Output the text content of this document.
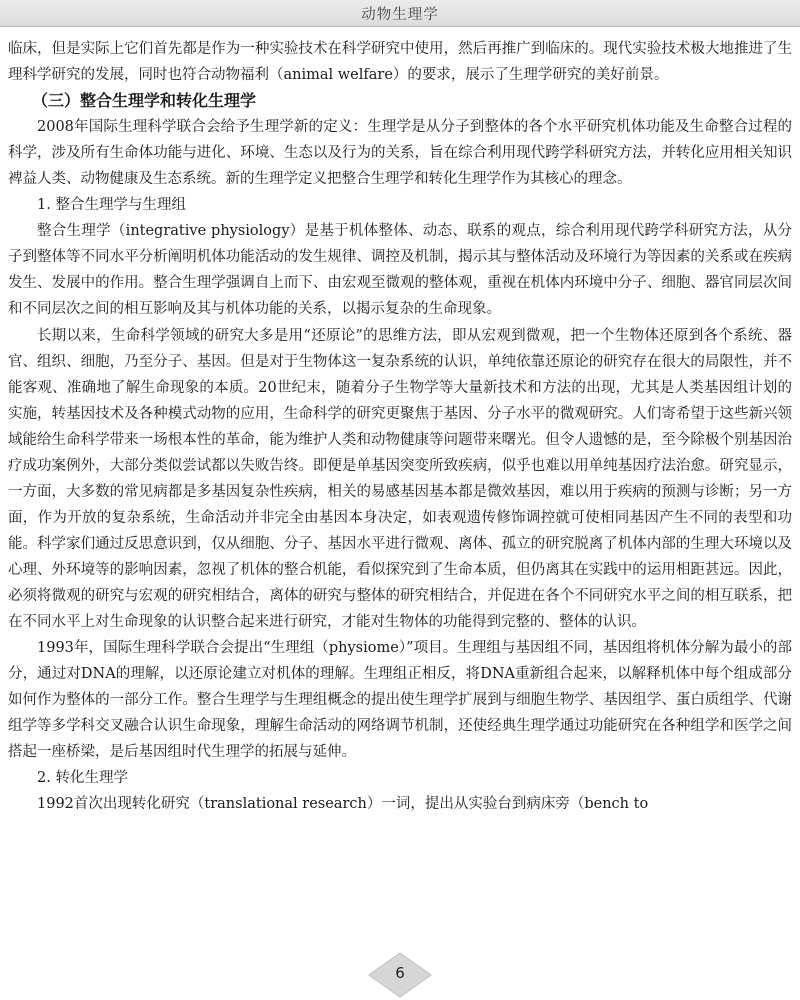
动物生理学

临床，但是实际上它们首先都是作为一种实验技术在科学研究中使用，然后再推广到临床的。现代实验技术极大地推进了生理科学研究的发展，同时也符合动物福利（animal welfare）的要求，展示了生理学研究的美好前景。

（三）整合生理学和转化生理学

2008年国际生理科学联合会给予生理学新的定义：生理学是从分子到整体的各个水平研究机体功能及生命整合过程的科学，涉及所有生命体功能与进化、环境、生态以及行为的关系，旨在综合利用现代跨学科研究方法，并转化应用相关知识裨益人类、动物健康及生态系统。新的生理学定义把整合生理学和转化生理学作为其核心的理念。

1. 整合生理学与生理组

整合生理学（integrative physiology）是基于机体整体、动态、联系的观点，综合利用现代跨学科研究方法，从分子到整体等不同水平分析阐明机体功能活动的发生规律、调控及机制，揭示其与整体活动及环境行为等因素的关系或在疾病发生、发展中的作用。整合生理学强调自上而下、由宏观至微观的整体观，重视在机体内环境中分子、细胞、器官同层次间和不同层次之间的相互影响及其与机体功能的关系，以揭示复杂的生命现象。

长期以来，生命科学领域的研究大多是用“还原论”的思维方法，即从宏观到微观，把一个生物体还原到各个系统、器官、组织、细胞，乃至分子、基因。但是对于生物体这一复杂系统的认识，单纯依靠还原论的研究存在很大的局限性，并不能客观、准确地了解生命现象的本质。20世纪末，随着分子生物学等大量新技术和方法的出现，尤其是人类基因组计划的实施，转基因技术及各种模式动物的应用，生命科学的研究更聚焦于基因、分子水平的微观研究。人们寄希望于这些新兴领域能给生命科学带来一场根本性的革命，能为维护人类和动物健康等问题带来曙光。但令人遗憾的是，至今除极个别基因治疗成功案例外，大部分类似尝试都以失败告终。即便是单基因突变所致疾病，似乎也难以用单纯基因疗法治愈。研究显示，一方面，大多数的常见病都是多基因复杂性疾病，相关的易感基因基本都是微效基因，难以用于疾病的预测与诊断；另一方面，作为开放的复杂系统，生命活动并非完全由基因本身决定，如表观遗传修饰调控就可使相同基因产生不同的表型和功能。科学家们通过反思意识到，仅从细胞、分子、基因水平进行微观、离体、孤立的研究脱离了机体内部的生理大环境以及心理、外环境等的影响因素，忽视了机体的整合机能，看似探究到了生命本质，但仍离其在实践中的运用相距甚远。因此，必须将微观的研究与宏观的研究相结合，离体的研究与整体的研究相结合，并促进在各个不同研究水平之间的相互联系，把在不同水平上对生命现象的认识整合起来进行研究，才能对生物体的功能得到完整的、整体的认识。

1993年，国际生理科学联合会提出“生理组（physiome）”项目。生理组与基因组不同，基因组将机体分解为最小的部分，通过对DNA的理解，以还原论建立对机体的理解。生理组正相反，将DNA重新组合起来，以解释机体中每个组成部分如何作为整体的一部分工作。整合生理学与生理组概念的提出使生理学扩展到与细胞生物学、基因组学、蛋白质组学、代谢组学等多学科交叉融合认识生命现象，理解生命活动的网络调节机制，还使经典生理学通过功能研究在各种组学和医学之间搭起一座桥梁，是后基因组时代生理学的拓展与延伸。

2. 转化生理学

1992首次出现转化研究（translational research）一词，提出从实验台到病床旁（bench to

6
